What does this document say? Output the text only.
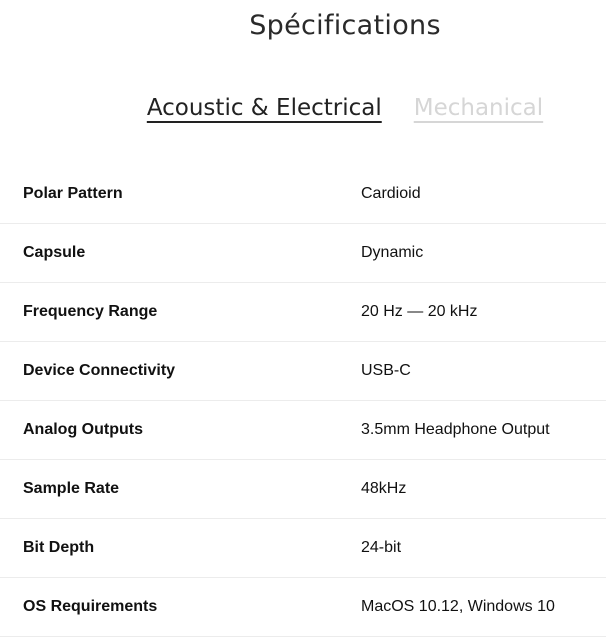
Spécifications
Acoustic & Electrical Mechanical
Polar Pattern	Cardioid
Capsule	Dynamic
Frequency Range	20 Hz — 20 kHz
Device Connectivity	USB-C
Analog Outputs	3.5mm Headphone Output
Sample Rate	48kHz
Bit Depth	24-bit
OS Requirements	MacOS 10.12, Windows 10
